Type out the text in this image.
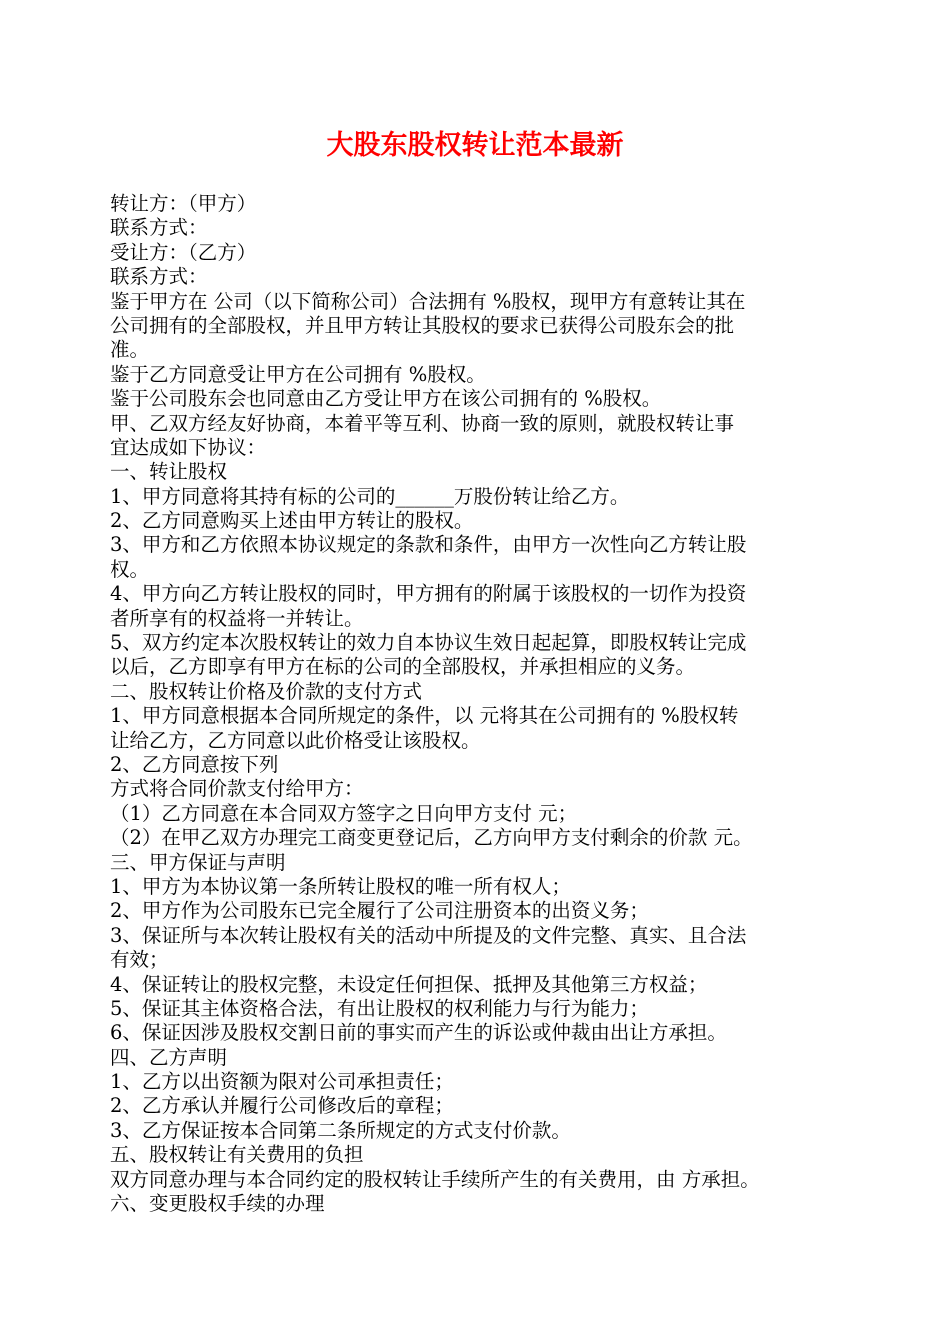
大股东股权转让范本最新
转让方：（甲方）
联系方式：
受让方：（乙方）
联系方式：
鉴于甲方在 公司（以下简称公司）合法拥有 %股权，现甲方有意转让其在
公司拥有的全部股权，并且甲方转让其股权的要求已获得公司股东会的批
准。
鉴于乙方同意受让甲方在公司拥有 %股权。
鉴于公司股东会也同意由乙方受让甲方在该公司拥有的 %股权。
甲、乙双方经友好协商，本着平等互利、协商一致的原则，就股权转让事
宜达成如下协议：
一、转让股权
1、甲方同意将其持有标的公司的______万股份转让给乙方。
2、乙方同意购买上述由甲方转让的股权。
3、甲方和乙方依照本协议规定的条款和条件，由甲方一次性向乙方转让股
权。
4、甲方向乙方转让股权的同时，甲方拥有的附属于该股权的一切作为投资
者所享有的权益将一并转让。
5、双方约定本次股权转让的效力自本协议生效日起起算，即股权转让完成
以后，乙方即享有甲方在标的公司的全部股权，并承担相应的义务。
二、股权转让价格及价款的支付方式
1、甲方同意根据本合同所规定的条件，以 元将其在公司拥有的 %股权转
让给乙方，乙方同意以此价格受让该股权。
2、乙方同意按下列
方式将合同价款支付给甲方：
（1）乙方同意在本合同双方签字之日向甲方支付 元；
（2）在甲乙双方办理完工商变更登记后，乙方向甲方支付剩余的价款 元。
三、甲方保证与声明
1、甲方为本协议第一条所转让股权的唯一所有权人；
2、甲方作为公司股东已完全履行了公司注册资本的出资义务；
3、保证所与本次转让股权有关的活动中所提及的文件完整、真实、且合法
有效；
4、保证转让的股权完整，未设定任何担保、抵押及其他第三方权益；
5、保证其主体资格合法，有出让股权的权利能力与行为能力；
6、保证因涉及股权交割日前的事实而产生的诉讼或仲裁由出让方承担。
四、乙方声明
1、乙方以出资额为限对公司承担责任；
2、乙方承认并履行公司修改后的章程；
3、乙方保证按本合同第二条所规定的方式支付价款。
五、股权转让有关费用的负担
双方同意办理与本合同约定的股权转让手续所产生的有关费用，由 方承担。
六、变更股权手续的办理
